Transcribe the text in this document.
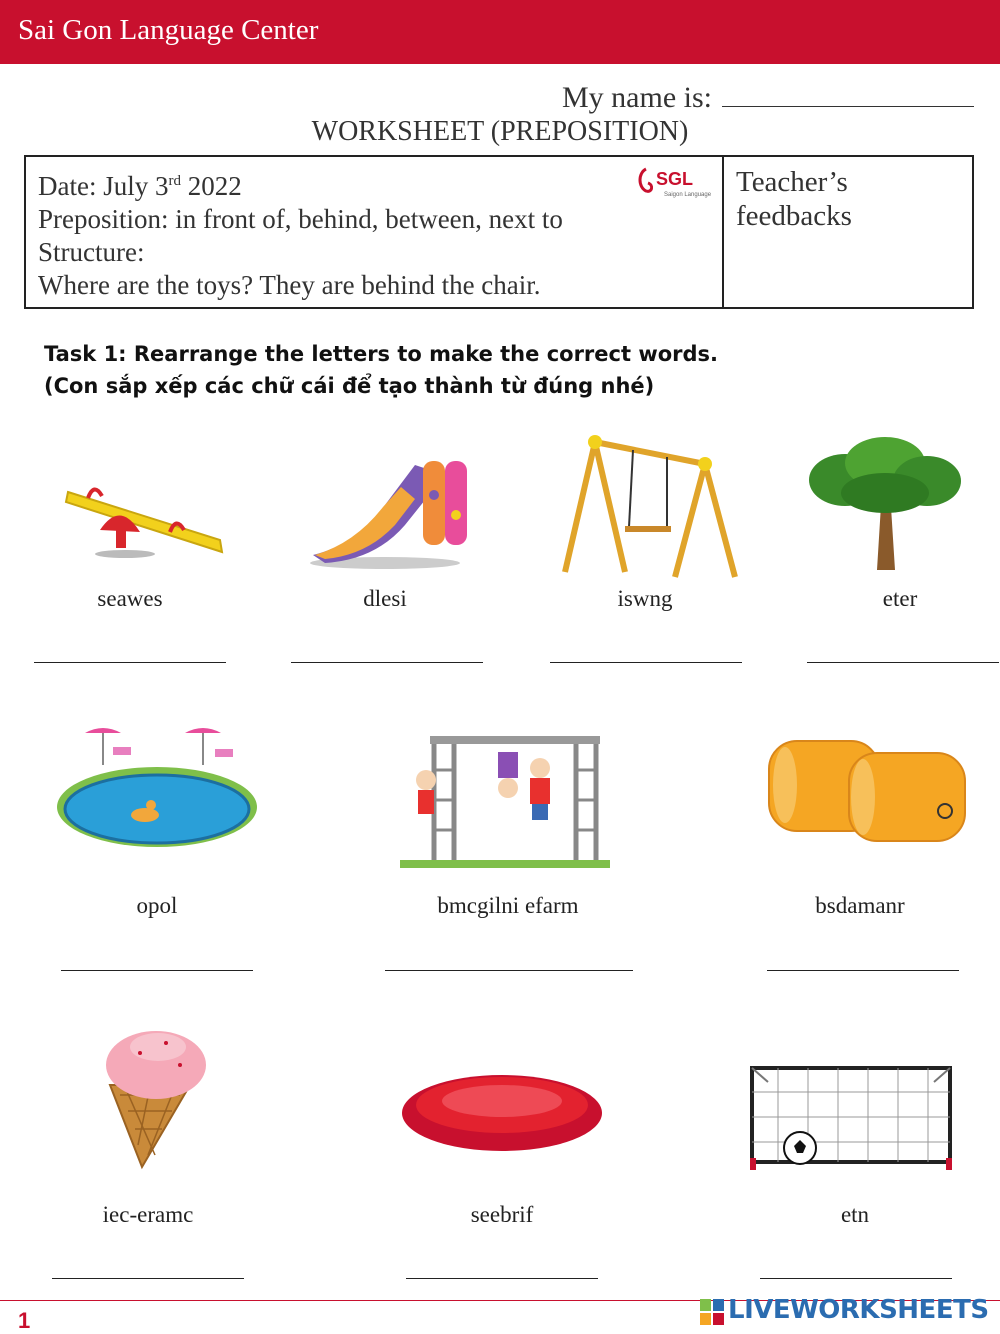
Sai Gon Language Center
My name is:
WORKSHEET (PREPOSITION)
Date: July 3rd 2022
Preposition: in front of, behind, between, next to
Structure:
Where are the toys? They are behind the chair.
SGL
Saigon Language Teacher’s feedbacks
Task 1: Rearrange the letters to make the correct words.
(Con sắp xếp các chữ cái để tạo thành từ đúng nhé)
seawes	dlesi	iswng	eter
opol	bmcgilni efarm	bsdamanr
iec-eramc	seebrif	etn
1	LIVEWORKSHEETS
